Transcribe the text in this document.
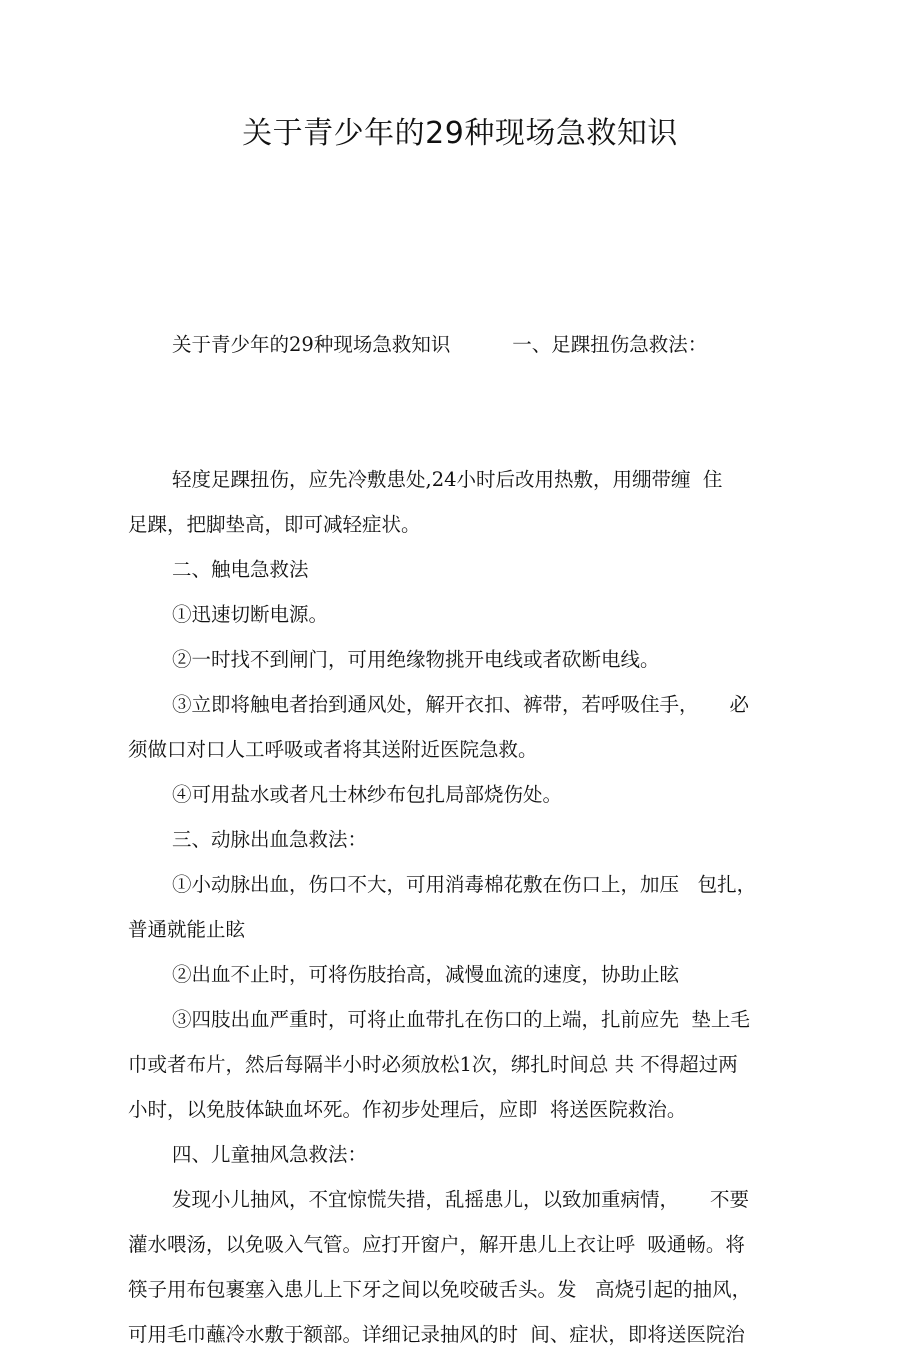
关于青少年的29种现场急救知识

关于青少年的29种现场急救知识          一、足踝扭伤急救法：

轻度足踝扭伤，应先冷敷患处,24小时后改用热敷，用绷带缠  住
足踝，把脚垫高，即可减轻症状。

二、触电急救法

①迅速切断电源。

②一时找不到闸门，可用绝缘物挑开电线或者砍断电线。

③立即将触电者抬到通风处，解开衣扣、裤带，若呼吸住手，     必
须做口对口人工呼吸或者将其送附近医院急救。

④可用盐水或者凡士林纱布包扎局部烧伤处。

三、动脉出血急救法：

①小动脉出血，伤口不大，可用消毒棉花敷在伤口上，加压   包扎，
普通就能止眩

②出血不止时，可将伤肢抬高，减慢血流的速度，协助止眩

③四肢出血严重时，可将止血带扎在伤口的上端，扎前应先  垫上毛
巾或者布片，然后每隔半小时必须放松1次，绑扎时间总 共 不得超过两
小时，以免肢体缺血坏死。作初步处理后，应即  将送医院救治。

四、儿童抽风急救法：

发现小儿抽风，不宜惊慌失措，乱摇患儿，以致加重病情，     不要
灌水喂汤，以免吸入气管。应打开窗户，解开患儿上衣让呼  吸通畅。将
筷子用布包裹塞入患儿上下牙之间以免咬破舌头。发   高烧引起的抽风，
可用毛巾蘸冷水敷于额部。详细记录抽风的时  间、症状，即将送医院治
